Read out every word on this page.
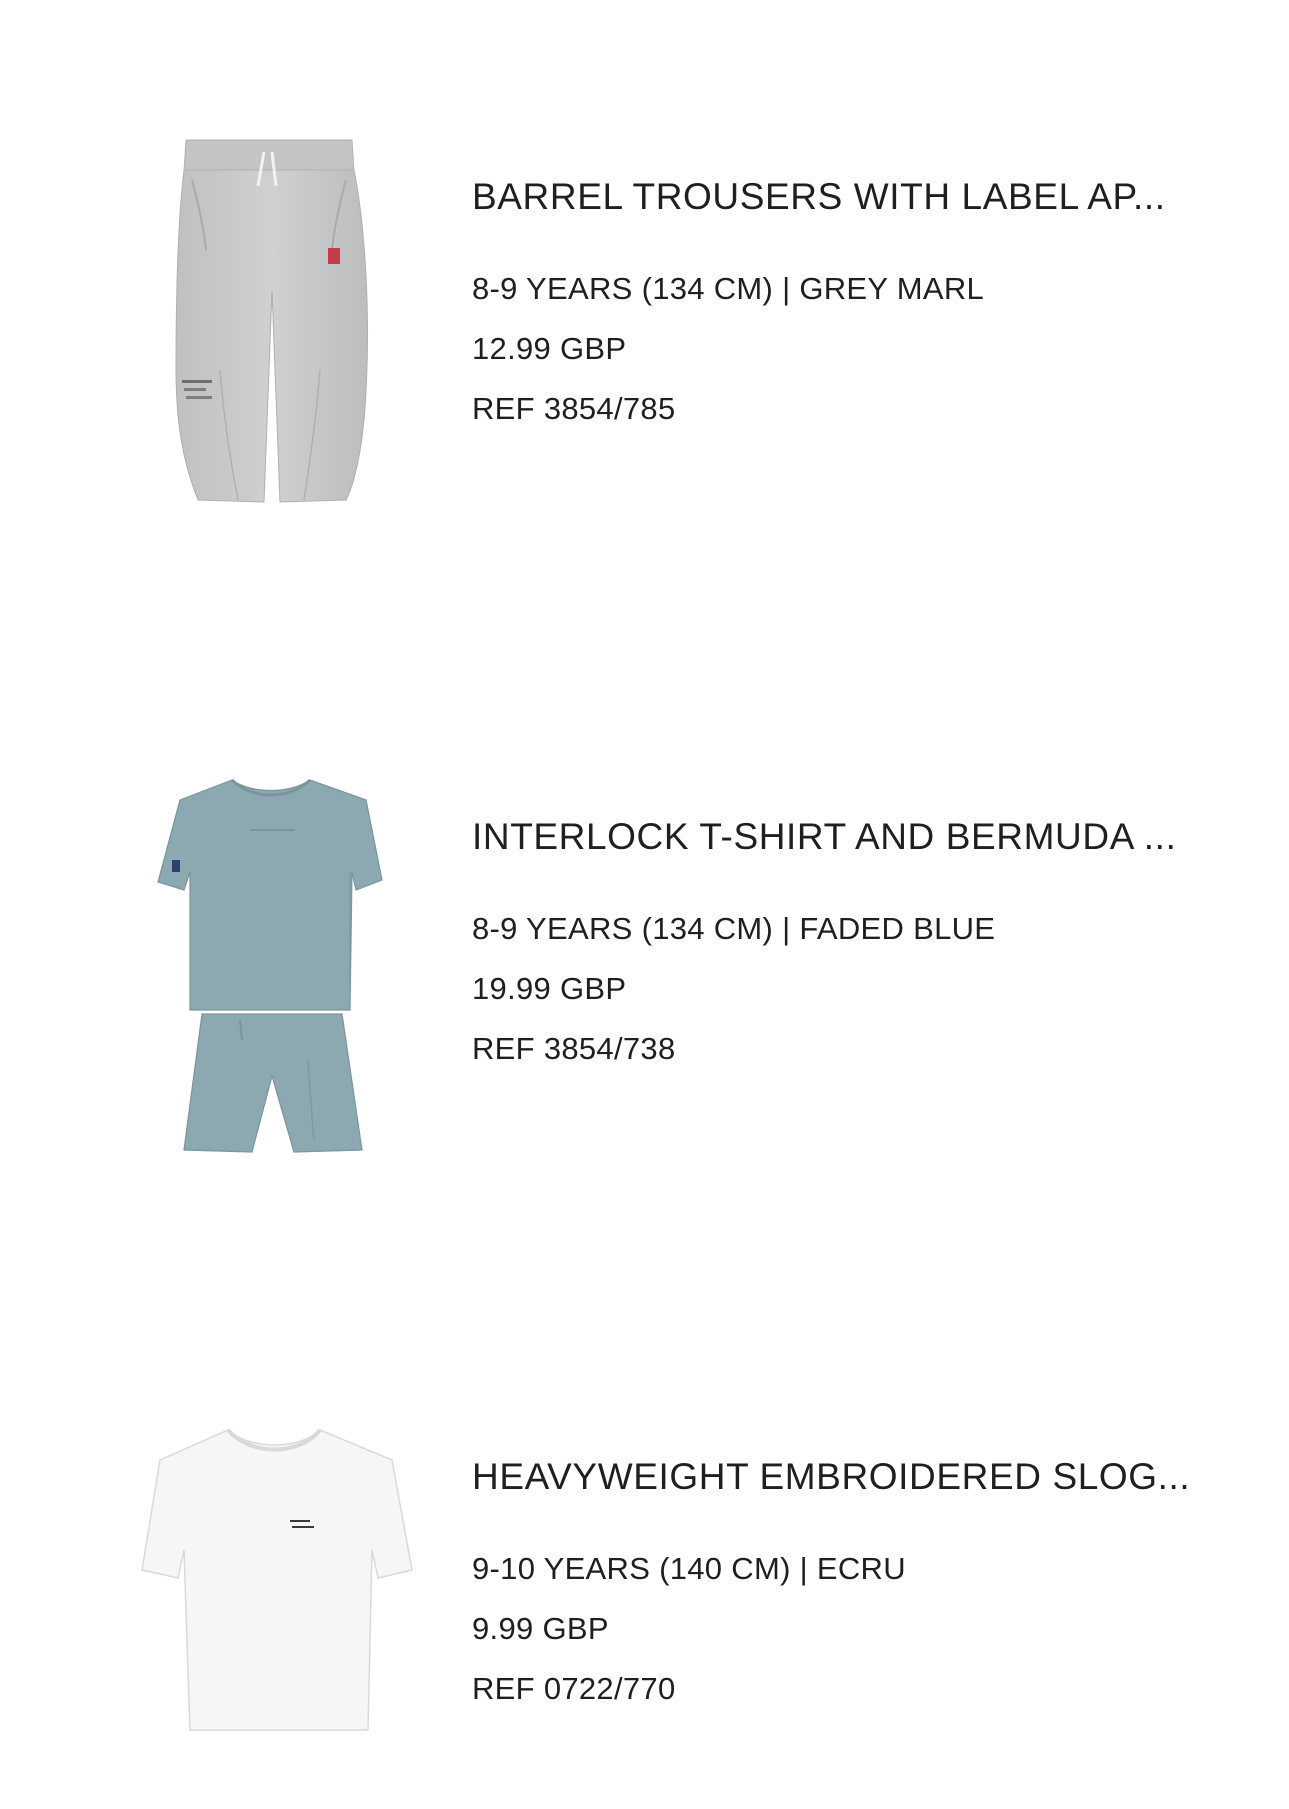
BARREL TROUSERS WITH LABEL AP...
8-9 YEARS (134 CM) | GREY MARL
12.99 GBP
REF 3854/785
INTERLOCK T-SHIRT AND BERMUDA ...
8-9 YEARS (134 CM) | FADED BLUE
19.99 GBP
REF 3854/738
HEAVYWEIGHT EMBROIDERED SLOG...
9-10 YEARS (140 CM) | ECRU
9.99 GBP
REF 0722/770
